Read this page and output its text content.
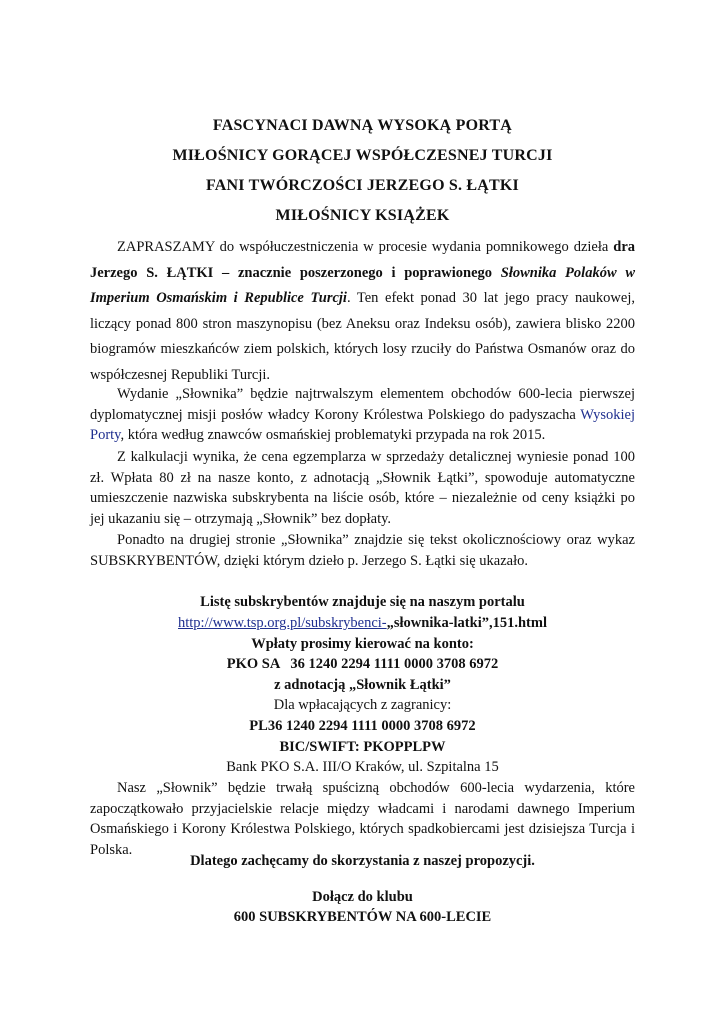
FASCYNACI DAWNĄ WYSOKĄ PORTĄ
MIŁOŚNICY GORĄCEJ WSPÓŁCZESNEJ TURCJI
FANI TWÓRCZOŚCI JERZEGO S. ŁĄTKI
MIŁOŚNICY KSIĄŻEK
ZAPRASZAMY do współuczestniczenia w procesie wydania pomnikowego dzieła dra Jerzego S. ŁĄTKI – znacznie poszerzonego i poprawionego Słownika Polaków w Imperium Osmańskim i Republice Turcji. Ten efekt ponad 30 lat jego pracy naukowej, liczący ponad 800 stron maszynopisu (bez Aneksu oraz Indeksu osób), zawiera blisko 2200 biogramów mieszkańców ziem polskich, których losy rzuciły do Państwa Osmanów oraz do współczesnej Republiki Turcji.
Wydanie „Słownika” będzie najtrwalszym elementem obchodów 600-lecia pierwszej dyplomatycznej misji posłów władcy Korony Królestwa Polskiego do padyszacha Wysokiej Porty, która według znawców osmańskiej problematyki przypada na rok 2015.
Z kalkulacji wynika, że cena egzemplarza w sprzedaży detalicznej wyniesie ponad 100 zł. Wpłata 80 zł na nasze konto, z adnotacją „Słownik Łątki”, spowoduje automatyczne umieszczenie nazwiska subskrybenta na liście osób, które – niezależnie od ceny książki po jej ukazaniu się – otrzymają „Słownik” bez dopłaty.
Ponadto na drugiej stronie „Słownika” znajdzie się tekst okolicznościowy oraz wykaz SUBSKRYBENTÓW, dzięki którym dzieło p. Jerzego S. Łątki się ukazało.
Listę subskrybentów znajduje się na naszym portalu
http://www.tsp.org.pl/subskrybenci-„słownika-latki”,151.html
Wpłaty prosimy kierować na konto:
PKO SA   36 1240 2294 1111 0000 3708 6972
z adnotacją „Słownik Łątki”
Dla wpłacających z zagranicy:
PL36 1240 2294 1111 0000 3708 6972
BIC/SWIFT: PKOPPLPW
Bank PKO S.A. III/O Kraków, ul. Szpitalna 15
Nasz „Słownik” będzie trwałą spuścizną obchodów 600-lecia wydarzenia, które zapoczątkowało przyjacielskie relacje między władcami i narodami dawnego Imperium Osmańskiego i Korony Królestwa Polskiego, których spadkobiercami jest dzisiejsza Turcja i Polska.
Dlatego zachęcamy do skorzystania z naszej propozycji.
Dołącz do klubu
600 SUBSKRYBENTÓW NA 600-LECIE
